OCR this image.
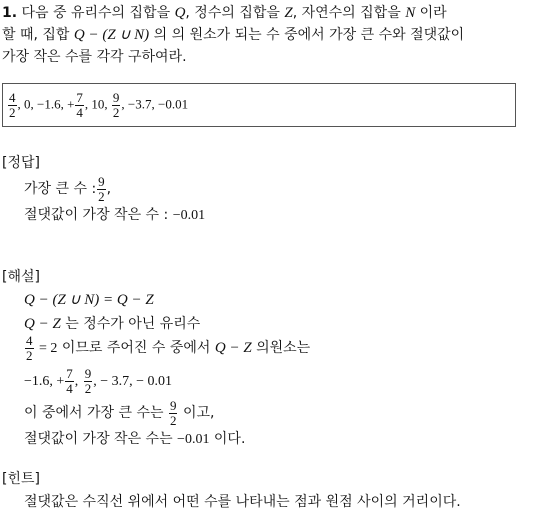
1. 다음 중 유리수의 집합을 Q, 정수의 집합을 Z, 자연수의 집합을 N 이라
할 때, 집합 Q − (Z ∪ N) 의 의 원소가 되는 수 중에서 가장 큰 수와 절댓값이
가장 작은 수를 각각 구하여라.
$\frac{4}{2}$ , 0, −1.6, + $\frac{7}{4}$ , 10, $\frac{9}{2}$ , −3.7, −0.01
[정답]
가장 큰 수 : $\frac{9}{2}$ ,
절댓값이 가장 작은 수 : −0.01
[해설]
Q − (Z ∪ N) = Q − Z
Q − Z 는 정수가 아닌 유리수
$\frac{4}{2} = 2$ 이므로 주어진 수 중에서 Q − Z 의원소는
−1.6, + $\frac{7}{4}$ , $\frac{9}{2}$ , − 3.7, − 0.01
이 중에서 가장 큰 수는 $\frac{9}{2}$ 이고,
절댓값이 가장 작은 수는 −0.01 이다.
[힌트]
절댓값은 수직선 위에서 어떤 수를 나타내는 점과 원점 사이의 거리이다.
